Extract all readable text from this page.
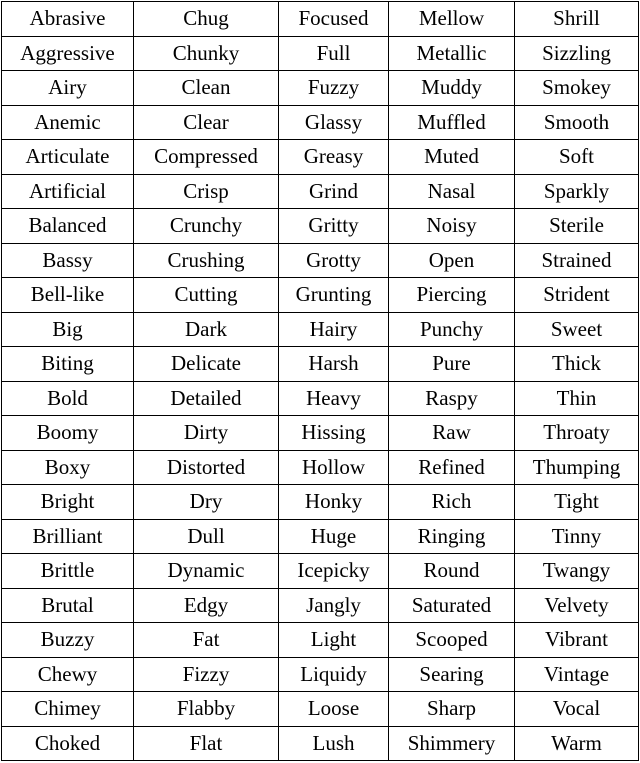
Abrasive	Chug	Focused	Mellow	Shrill
Aggressive	Chunky	Full	Metallic	Sizzling
Airy	Clean	Fuzzy	Muddy	Smokey
Anemic	Clear	Glassy	Muffled	Smooth
Articulate	Compressed	Greasy	Muted	Soft
Artificial	Crisp	Grind	Nasal	Sparkly
Balanced	Crunchy	Gritty	Noisy	Sterile
Bassy	Crushing	Grotty	Open	Strained
Bell-like	Cutting	Grunting	Piercing	Strident
Big	Dark	Hairy	Punchy	Sweet
Biting	Delicate	Harsh	Pure	Thick
Bold	Detailed	Heavy	Raspy	Thin
Boomy	Dirty	Hissing	Raw	Throaty
Boxy	Distorted	Hollow	Refined	Thumping
Bright	Dry	Honky	Rich	Tight
Brilliant	Dull	Huge	Ringing	Tinny
Brittle	Dynamic	Icepicky	Round	Twangy
Brutal	Edgy	Jangly	Saturated	Velvety
Buzzy	Fat	Light	Scooped	Vibrant
Chewy	Fizzy	Liquidy	Searing	Vintage
Chimey	Flabby	Loose	Sharp	Vocal
Choked	Flat	Lush	Shimmery	Warm
